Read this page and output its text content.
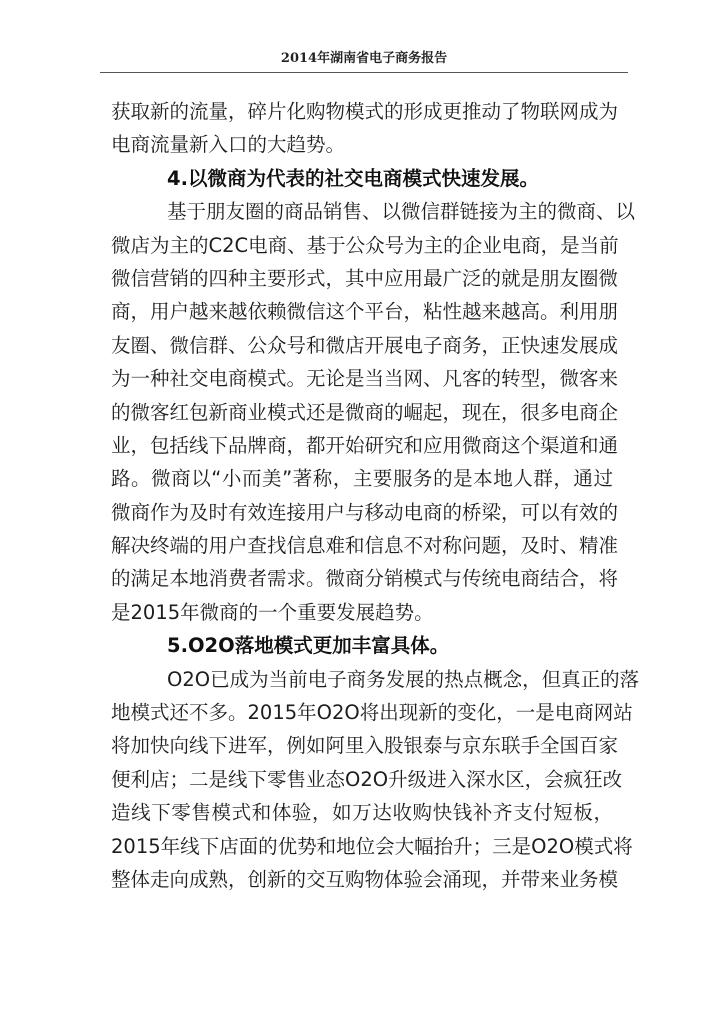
2014年湖南省电子商务报告
获取新的流量，碎片化购物模式的形成更推动了物联网成为
电商流量新入口的大趋势。
4.以微商为代表的社交电商模式快速发展。
基于朋友圈的商品销售、以微信群链接为主的微商、以
微店为主的C2C电商、基于公众号为主的企业电商，是当前
微信营销的四种主要形式，其中应用最广泛的就是朋友圈微
商，用户越来越依赖微信这个平台，粘性越来越高。利用朋
友圈、微信群、公众号和微店开展电子商务，正快速发展成
为一种社交电商模式。无论是当当网、凡客的转型，微客来
的微客红包新商业模式还是微商的崛起，现在，很多电商企
业，包括线下品牌商，都开始研究和应用微商这个渠道和通
路。微商以“小而美”著称，主要服务的是本地人群，通过
微商作为及时有效连接用户与移动电商的桥梁，可以有效的
解决终端的用户查找信息难和信息不对称问题，及时、精准
的满足本地消费者需求。微商分销模式与传统电商结合，将
是2015年微商的一个重要发展趋势。
5.O2O落地模式更加丰富具体。
O2O已成为当前电子商务发展的热点概念，但真正的落
地模式还不多。2015年O2O将出现新的变化，一是电商网站
将加快向线下进军，例如阿里入股银泰与京东联手全国百家
便利店；二是线下零售业态O2O升级进入深水区，会疯狂改
造线下零售模式和体验，如万达收购快钱补齐支付短板，
2015年线下店面的优势和地位会大幅抬升；三是O2O模式将
整体走向成熟，创新的交互购物体验会涌现，并带来业务模
